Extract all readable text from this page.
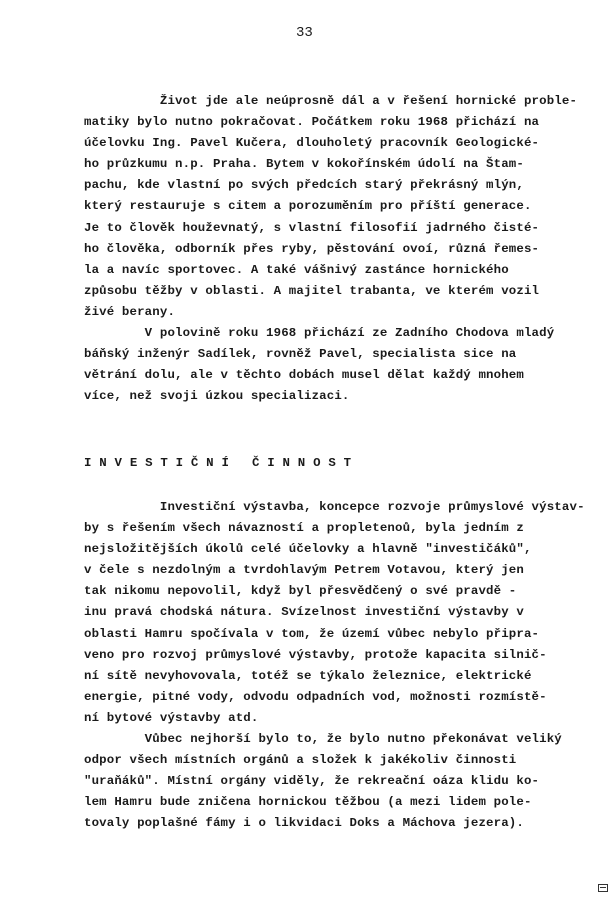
33
Život jde ale neúprosně dál a v řešení hornické proble-
matiky bylo nutno pokračovat. Počátkem roku 1968 přichází na
účelovku Ing. Pavel Kučera, dlouholetý pracovník Geologické-
ho průzkumu n.p. Praha. Bytem v kokořínském údolí na Štam-
pachu, kde vlastní po svých předcích starý překrásný mlýn,
který restauruje s citem a porozuměním pro příští generace.
Je to člověk houževnatý, s vlastní filosofií jadrného čisté-
ho člověka, odborník přes ryby, pěstování ovoí, různá řemes-
la a navíc sportovec. A také vášnivý zastánce hornického
způsobu těžby v oblasti. A majitel trabanta, ve kterém vozil
živé berany.
V polovině roku 1968 přichází ze Zadního Chodova mladý
báňský inženýr Sadílek, rovněž Pavel, specialista sice na
větrání dolu, ale v těchto dobách musel dělat každý mnohem
více, než svoji úzkou specializaci.
I N V E S T I Č N Í   Č I N N O S T
Investiční výstavba, koncepce rozvoje průmyslové výstav-
by s řešením všech návazností a propletenoů, byla jedním z
nejsložitějších úkolů celé účelovky a hlavně "investičáků",
v čele s nezdolným a tvrdohlavým Petrem Votavou, který jen
tak nikomu nepovolil, když byl přesvědčený o své pravdě -
inu pravá chodská nátura. Svízelnost investiční výstavby v
oblasti Hamru spočívala v tom, že území vůbec nebylo připra-
veno pro rozvoj průmyslové výstavby, protože kapacita silnič-
ní sítě nevyhovovala, totéž se týkalo železnice, elektrické
energie, pitné vody, odvodu odpadních vod, možnosti rozmístě-
ní bytové výstavby atd.
Vůbec nejhorší bylo to, že bylo nutno překonávat veliký
odpor všech místních orgánů a složek k jakékoliv činnosti
"uraňáků". Místní orgány viděly, že rekreační oáza klidu ko-
lem Hamru bude zničena hornickou těžbou (a mezi lidem pole-
tovaly poplašné fámy i o likvidaci Doks a Máchova jezera).
